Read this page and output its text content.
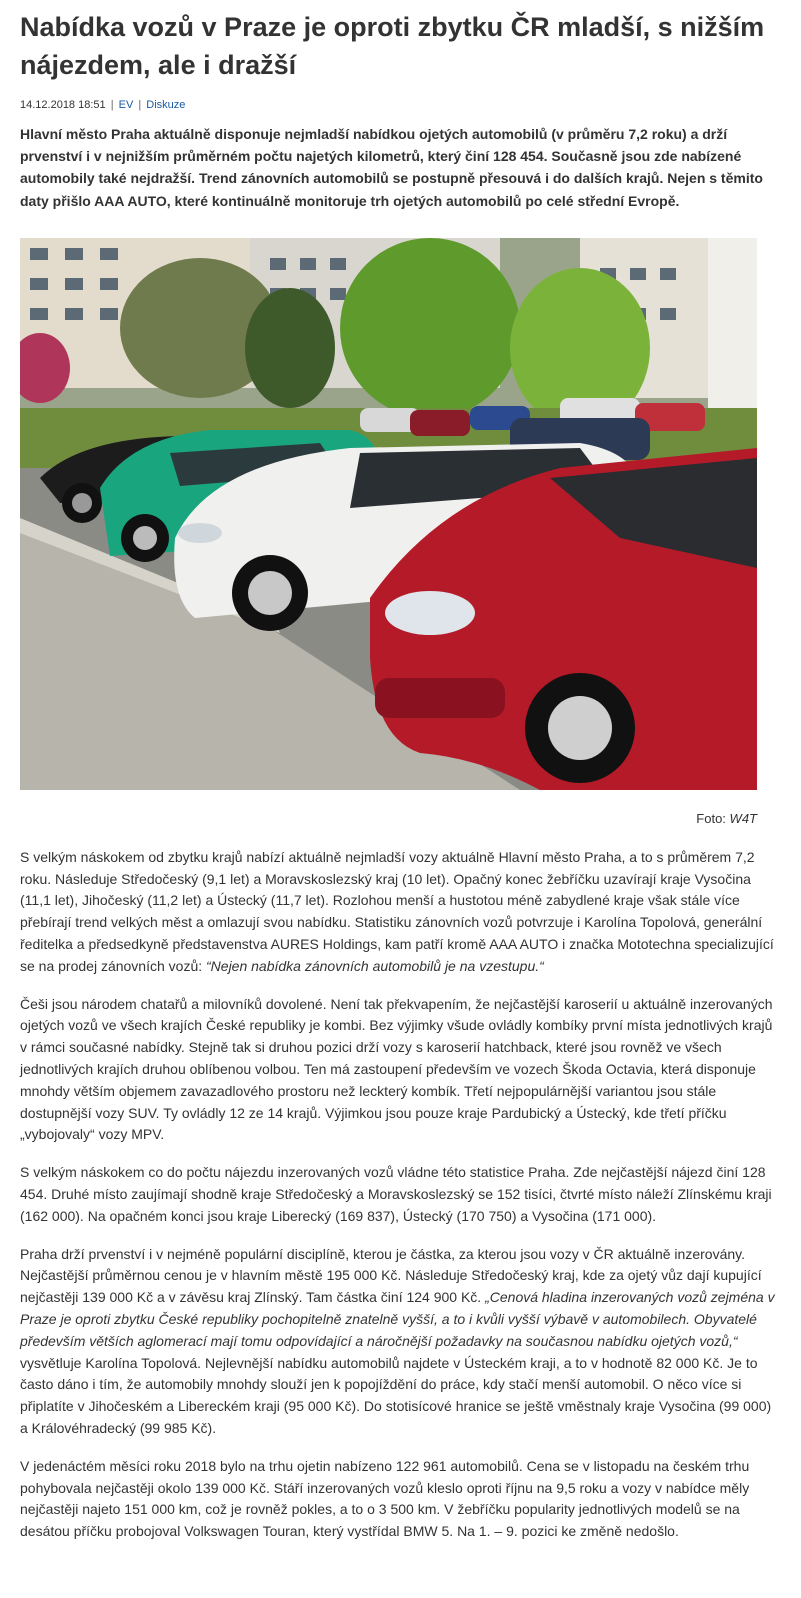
Nabídka vozů v Praze je oproti zbytku ČR mladší, s nižším nájezdem, ale i dražší
14.12.2018 18:51 | EV | Diskuze
Hlavní město Praha aktuálně disponuje nejmladší nabídkou ojetých automobilů (v průměru 7,2 roku) a drží prvenství i v nejnižším průměrném počtu najetých kilometrů, který činí 128 454. Současně jsou zde nabízené automobily také nejdražší. Trend zánovních automobilů se postupně přesouvá i do dalších krajů. Nejen s těmito daty přišlo AAA AUTO, které kontinuálně monitoruje trh ojetých automobilů po celé střední Evropě.
Foto: W4T

S velkým náskokem od zbytku krajů nabízí aktuálně nejmladší vozy aktuálně Hlavní město Praha, a to s průměrem 7,2 roku. Následuje Středočeský (9,1 let) a Moravskoslezský kraj (10 let). Opačný konec žebříčku uzavírají kraje Vysočina (11,1 let), Jihočeský (11,2 let) a Ústecký (11,7 let). Rozlohou menší a hustotou méně zabydlené kraje však stále více přebírají trend velkých měst a omlazují svou nabídku. Statistiku zánovních vozů potvrzuje i Karolína Topolová, generální ředitelka a předsedkyně představenstva AURES Holdings, kam patří kromě AAA AUTO i značka Mototechna specializující se na prodej zánovních vozů: “Nejen nabídka zánovních automobilů je na vzestupu.“

Češi jsou národem chatařů a milovníků dovolené. Není tak překvapením, že nejčastější karoserií u aktuálně inzerovaných ojetých vozů ve všech krajích České republiky je kombi. Bez výjimky všude ovládly kombíky první místa jednotlivých krajů v rámci současné nabídky. Stejně tak si druhou pozici drží vozy s karoserií hatchback, které jsou rovněž ve všech jednotlivých krajích druhou oblíbenou volbou. Ten má zastoupení především ve vozech Škoda Octavia, která disponuje mnohdy větším objemem zavazadlového prostoru než leckterý kombík. Třetí nejpopulárnější variantou jsou stále dostupnější vozy SUV. Ty ovládly 12 ze 14 krajů. Výjimkou jsou pouze kraje Pardubický a Ústecký, kde třetí příčku „vybojovaly“ vozy MPV.

S velkým náskokem co do počtu nájezdu inzerovaných vozů vládne této statistice Praha. Zde nejčastější nájezd činí 128 454. Druhé místo zaujímají shodně kraje Středočeský a Moravskoslezský se 152 tisíci, čtvrté místo náleží Zlínskému kraji (162 000). Na opačném konci jsou kraje Liberecký (169 837), Ústecký (170 750) a Vysočina (171 000).

Praha drží prvenství i v nejméně populární disciplíně, kterou je částka, za kterou jsou vozy v ČR aktuálně inzerovány. Nejčastější průměrnou cenou je v hlavním městě 195 000 Kč. Následuje Středočeský kraj, kde za ojetý vůz dají kupující nejčastěji 139 000 Kč a v závěsu kraj Zlínský. Tam částka činí 124 900 Kč. „Cenová hladina inzerovaných vozů zejména v Praze je oproti zbytku České republiky pochopitelně znatelně vyšší, a to i kvůli vyšší výbavě v automobilech. Obyvatelé především větších aglomerací mají tomu odpovídající a náročnější požadavky na současnou nabídku ojetých vozů,“ vysvětluje Karolína Topolová. Nejlevnější nabídku automobilů najdete v Ústeckém kraji, a to v hodnotě 82 000 Kč. Je to často dáno i tím, že automobily mnohdy slouží jen k popojíždění do práce, kdy stačí menší automobil. O něco více si připlatíte v Jihočeském a Libereckém kraji (95 000 Kč). Do stotisícové hranice se ještě vměstnaly kraje Vysočina (99 000) a Královéhradecký (99 985 Kč).

V jedenáctém měsíci roku 2018 bylo na trhu ojetin nabízeno 122 961 automobilů. Cena se v listopadu na českém trhu pohybovala nejčastěji okolo 139 000 Kč. Stáří inzerovaných vozů kleslo oproti říjnu na 9,5 roku a vozy v nabídce měly nejčastěji najeto 151 000 km, což je rovněž pokles, a to o 3 500 km. V žebříčku popularity jednotlivých modelů se na desátou příčku probojoval Volkswagen Touran, který vystřídal BMW 5. Na 1. – 9. pozici ke změně nedošlo.
